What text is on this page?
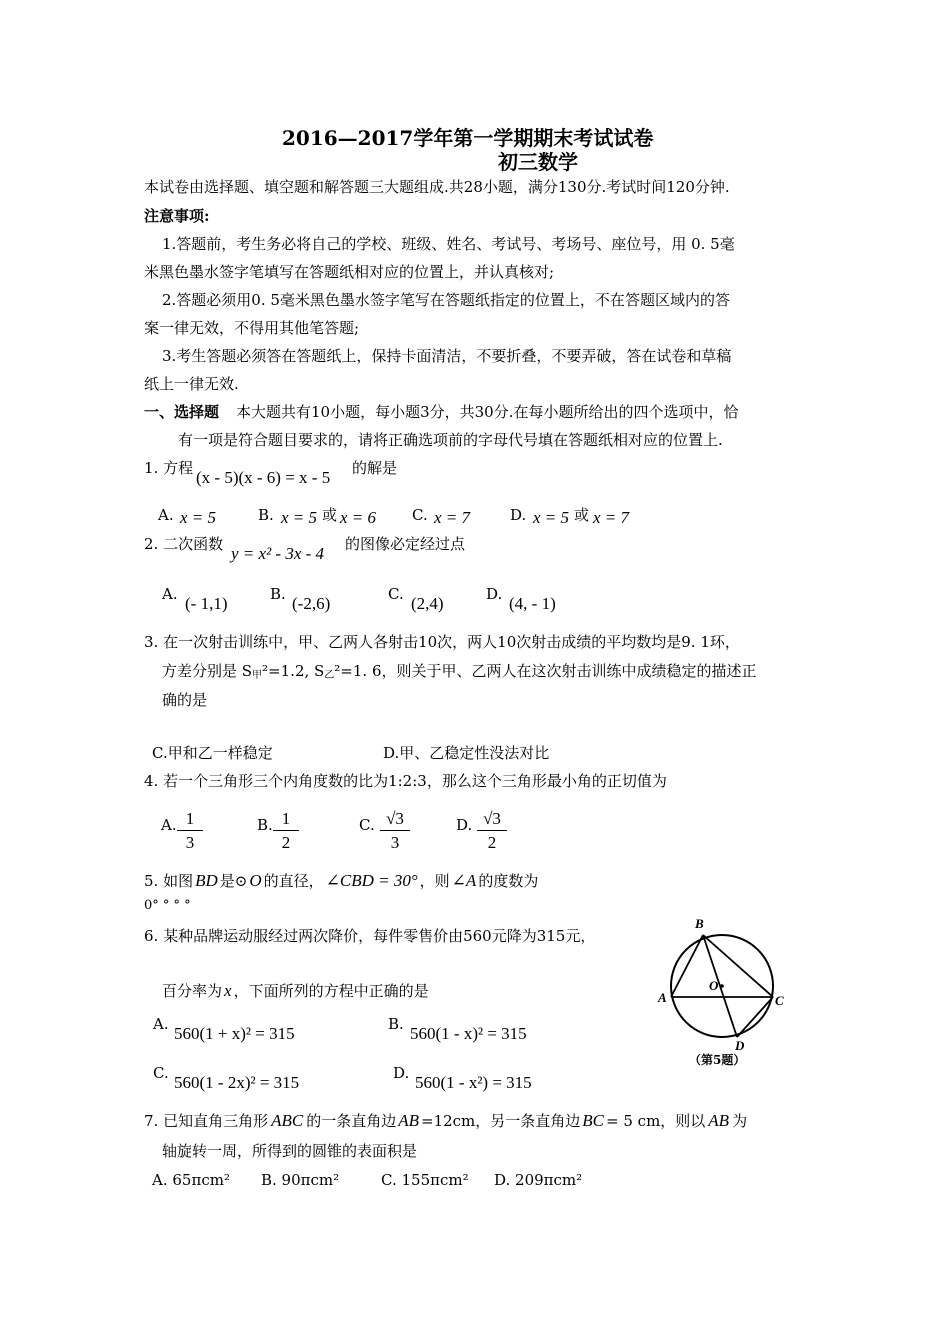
2016—2017学年第一学期期末考试试卷
初三数学
本试卷由选择题、填空题和解答题三大题组成.共28小题，满分130分.考试时间120分钟.
注意事项:
1.答题前，考生务必将自己的学校、班级、姓名、考试号、考场号、座位号，用 0. 5毫
米黑色墨水签字笔填写在答题纸相对应的位置上，并认真核对;
2.答题必须用0. 5毫米黑色墨水签字笔写在答题纸指定的位置上，不在答题区域内的答
案一律无效，不得用其他笔答题;
3.考生答题必须答在答题纸上，保持卡面清洁，不要折叠，不要弄破，答在试卷和草稿
纸上一律无效.
一、选择题 本大题共有10小题，每小题3分，共30分.在每小题所给出的四个选项中，恰
有一项是符合题目要求的，请将正确选项前的字母代号填在答题纸相对应的位置上.
1. 方程 (x - 5)(x - 6) = x - 5 的解是
A. x = 5	B. x = 5 或 x = 6 C. x = 7	D. x = 5 或 x = 7
2. 二次函数 y = x² - 3x - 4 的图像必定经过点
A. (- 1,1)	B. (-2,6)	C. (2,4)	D. (4, - 1)
3. 在一次射击训练中，甲、乙两人各射击10次，两人10次射击成绩的平均数均是9. 1环，
方差分别是 $S_甲^2=1.2$, $S_乙^2=1$. 6，则关于甲、乙两人在这次射击训练中成绩稳定的描述正
确的是
C.甲和乙一样稳定	D.甲、乙稳定性没法对比
4. 若一个三角形三个内角度数的比为1:2:3，那么这个三角形最小角的正切值为
A. $\frac{1}{3}$	B. $\frac{1}{2}$	C. $\frac{√3}{3}$	D. $\frac{√3}{2}$
5. 如图 BD 是⊙ O 的直径， ∠CBD = 30° ，则 ∠A 的度数为
0° ° ° °
6. 某种品牌运动服经过两次降价，每件零售价由560元降为315元，
百分率为 x ，下面所列的方程中正确的是
A. 560(1 + x)² = 315	B. 560(1 - x)² = 315
C. 560(1 - 2x)² = 315	D. 560(1 - x²) = 315
7. 已知直角三角形 ABC 的一条直角边 AB =12cm，另一条直角边 BC = 5 cm，则以 AB 为
轴旋转一周，所得到的圆锥的表面积是
A. 65πcm² B. 90πcm²	C. 155πcm² D. 209πcm²
B
A
O
C
D
（第5题）
